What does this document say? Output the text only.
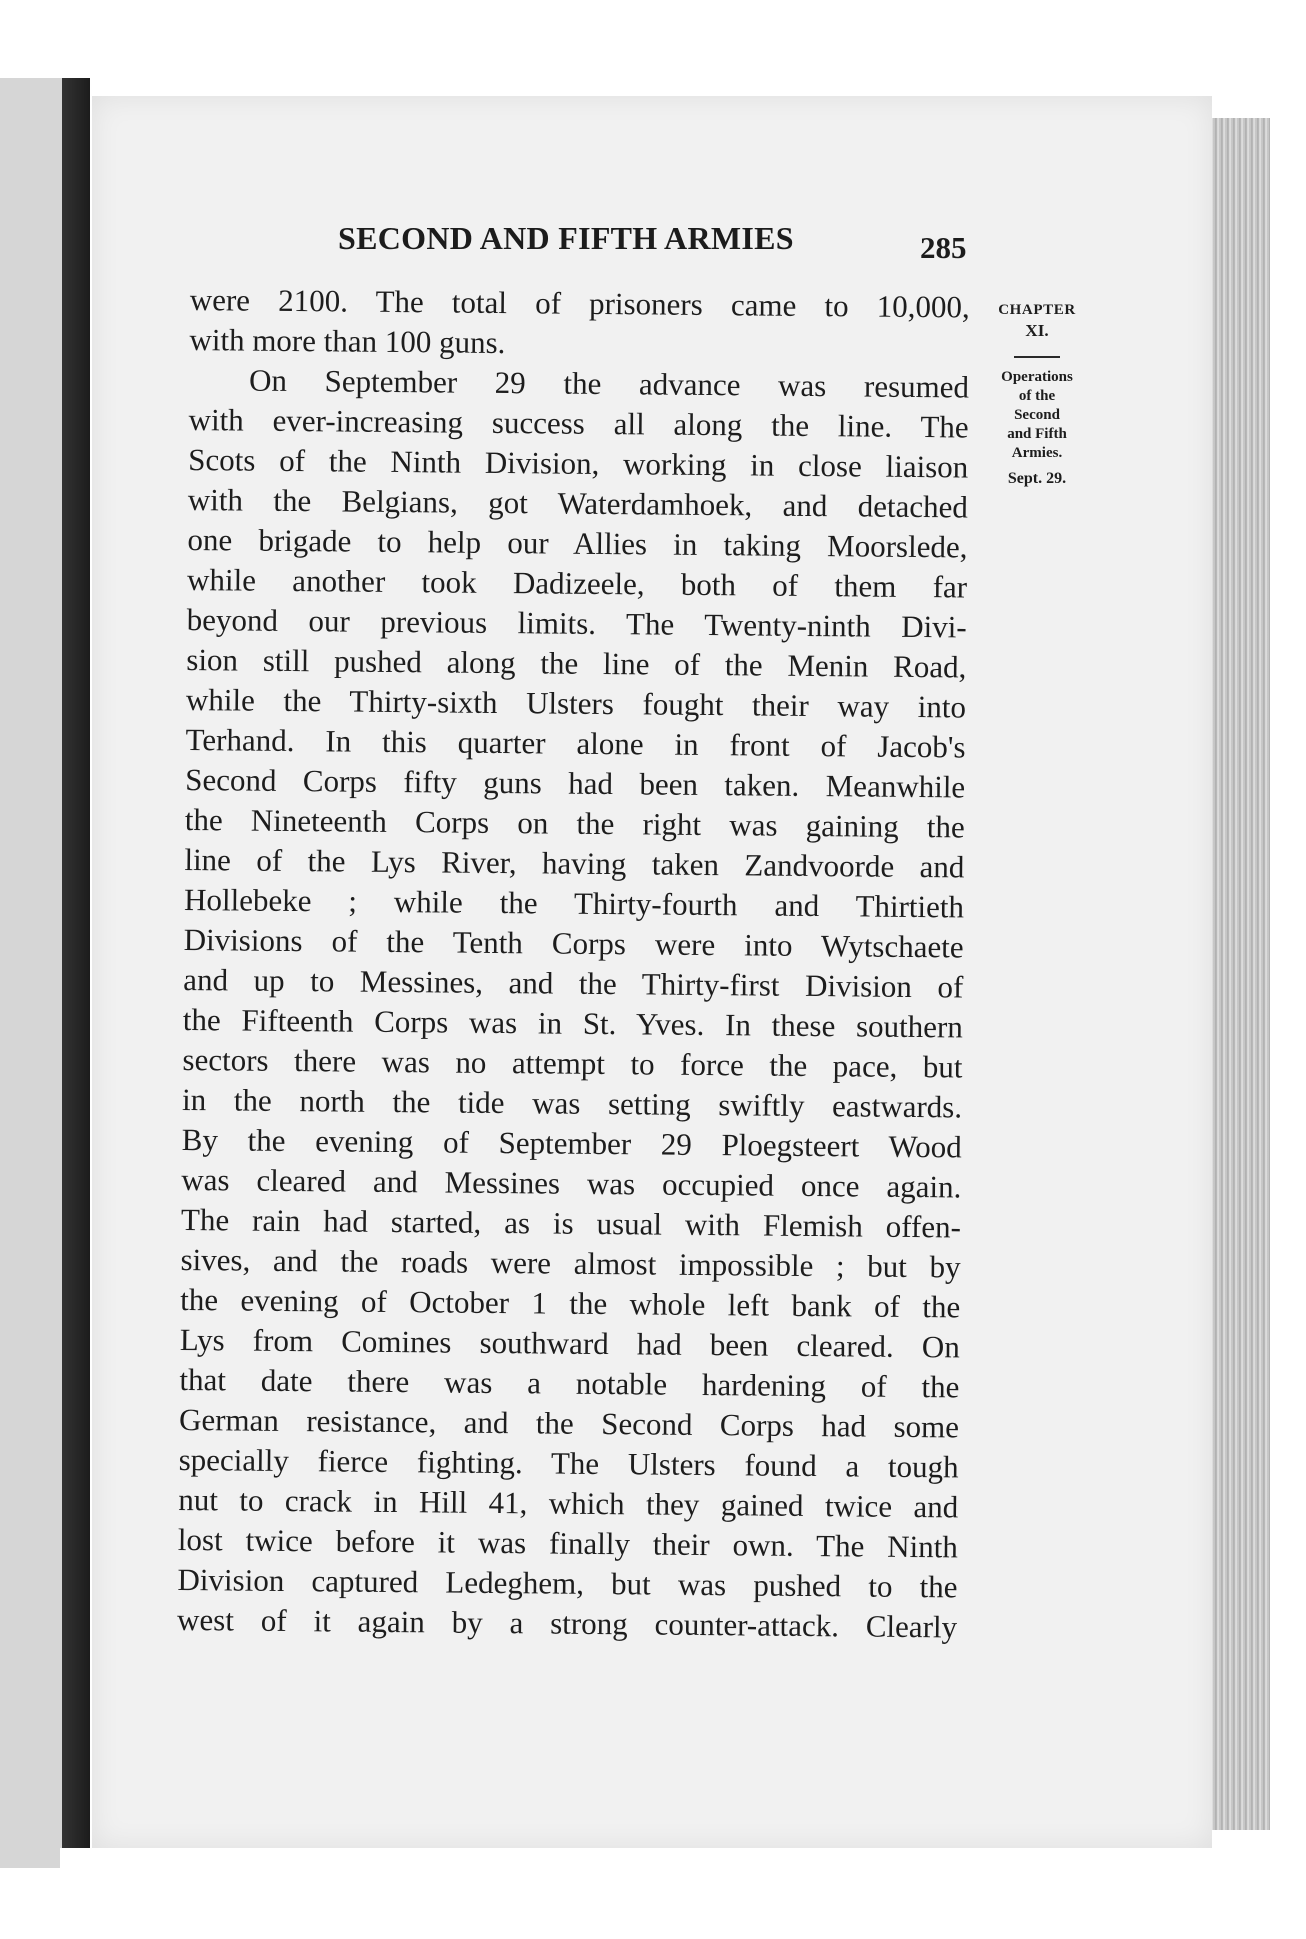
SECOND AND FIFTH ARMIES	285
were 2100. The total of prisoners came to 10,000,
with more than 100 guns.
On September 29 the advance was resumed
with ever-increasing success all along the line. The
Scots of the Ninth Division, working in close liaison
with the Belgians, got Waterdamhoek, and detached
one brigade to help our Allies in taking Moorslede,
while another took Dadizeele, both of them far
beyond our previous limits. The Twenty-ninth Divi-
sion still pushed along the line of the Menin Road,
while the Thirty-sixth Ulsters fought their way into
Terhand. In this quarter alone in front of Jacob's
Second Corps fifty guns had been taken. Meanwhile
the Nineteenth Corps on the right was gaining the
line of the Lys River, having taken Zandvoorde and
Hollebeke ; while the Thirty-fourth and Thirtieth
Divisions of the Tenth Corps were into Wytschaete
and up to Messines, and the Thirty-first Division of
the Fifteenth Corps was in St. Yves. In these southern
sectors there was no attempt to force the pace, but
in the north the tide was setting swiftly eastwards.
By the evening of September 29 Ploegsteert Wood
was cleared and Messines was occupied once again.
The rain had started, as is usual with Flemish offen-
sives, and the roads were almost impossible ; but by
the evening of October 1 the whole left bank of the
Lys from Comines southward had been cleared. On
that date there was a notable hardening of the
German resistance, and the Second Corps had some
specially fierce fighting. The Ulsters found a tough
nut to crack in Hill 41, which they gained twice and
lost twice before it was finally their own. The Ninth
Division captured Ledeghem, but was pushed to the
west of it again by a strong counter-attack. Clearly
CHAPTER
XI.
Operations
of the
Second
and Fifth
Armies.
Sept. 29.
